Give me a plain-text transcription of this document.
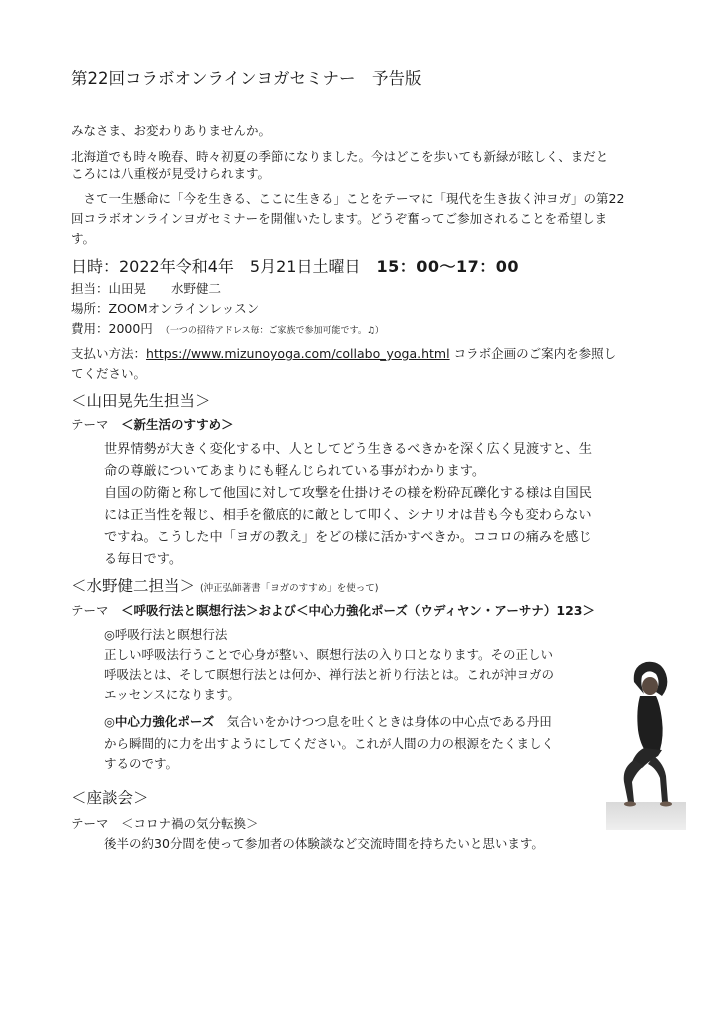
第22回コラボオンラインヨガセミナー　予告版

みなさま、お変わりありませんか。

北海道でも時々晩春、時々初夏の季節になりました。今はどこを歩いても新緑が眩しく、まだと

ころには八重桜が見受けられます。

　さて一生懸命に「今を生きる、ここに生きる」ことをテーマに「現代を生き抜く沖ヨガ」の第22

回コラボオンラインヨガセミナーを開催いたします。どうぞ奮ってご参加されることを希望しま

す。

日時：2022年令和4年　5月21日土曜日　15：00〜17：00

担当：山田晃　　水野健二

場所：ZOOMオンラインレッスン

費用：2000円　（一つの招待アドレス毎：ご家族で参加可能です。♫）

支払い方法：https://www.mizunoyoga.com/collabo_yoga.html コラボ企画のご案内を参照し

てください。

＜山田晃先生担当＞

テーマ　＜新生活のすすめ＞

世界情勢が大きく変化する中、人としてどう生きるべきかを深く広く見渡すと、生

命の尊厳についてあまりにも軽んじられている事がわかります。

自国の防衛と称して他国に対して攻撃を仕掛けその様を粉砕瓦礫化する様は自国民

には正当性を報じ、相手を徹底的に敵として叩く、シナリオは昔も今も変わらない

ですね。こうした中「ヨガの教え」をどの様に活かすべきか。ココロの痛みを感じ

る毎日です。

＜水野健二担当＞ (沖正弘師著書「ヨガのすすめ」を使って)

テーマ　＜呼吸行法と瞑想行法＞および＜中心力強化ポーズ（ウディヤン・アーサナ）123＞

◎呼吸行法と瞑想行法

正しい呼吸法行うことで心身が整い、瞑想行法の入り口となります。その正しい

呼吸法とは、そして瞑想行法とは何か、禅行法と祈り行法とは。これが沖ヨガの

エッセンスになります。

◎中心力強化ポーズ　気合いをかけつつ息を吐くときは身体の中心点である丹田

から瞬間的に力を出すようにしてください。これが人間の力の根源をたくましく

するのです。

＜座談会＞

テーマ　＜コロナ禍の気分転換＞

後半の約30分間を使って参加者の体験談など交流時間を持ちたいと思います。
